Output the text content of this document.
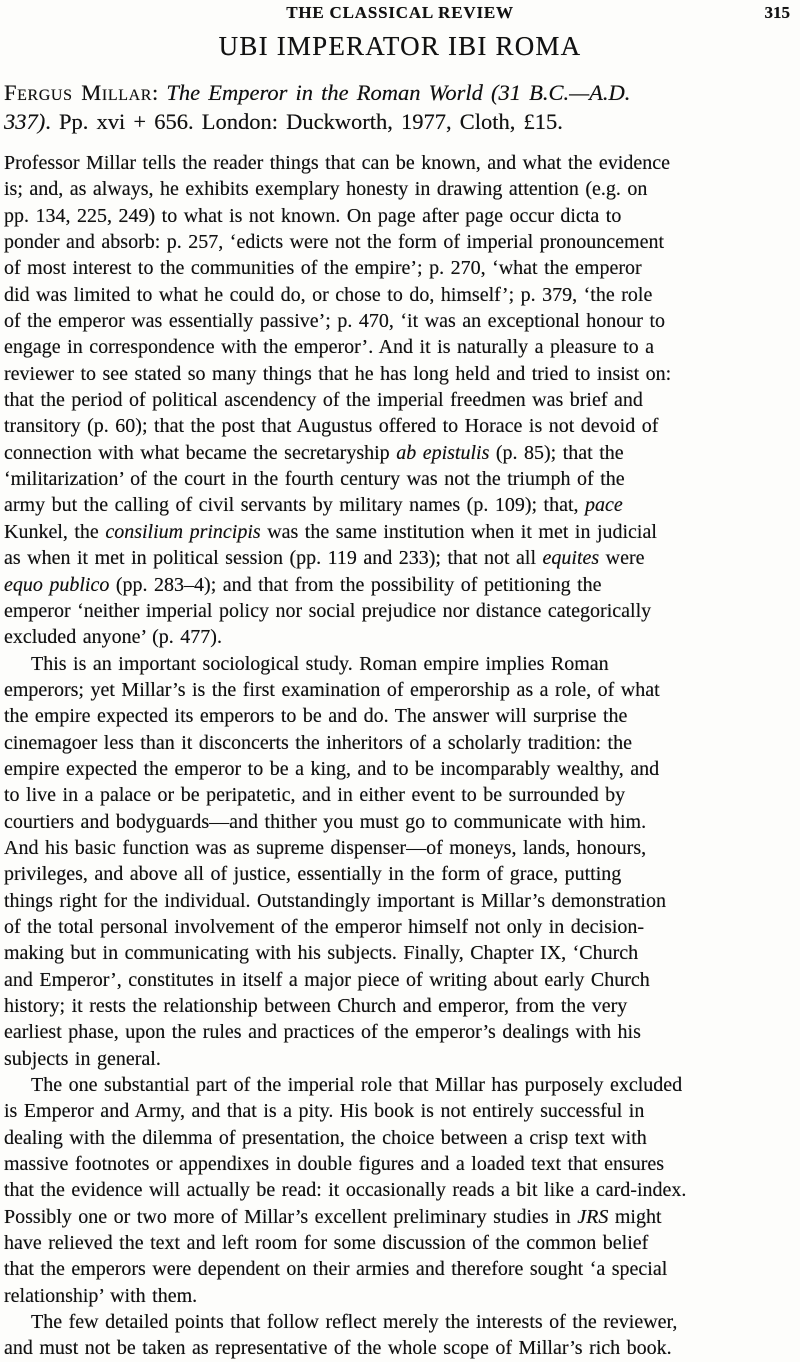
THE CLASSICAL REVIEW	315
UBI IMPERATOR IBI ROMA
Fergus Millar: The Emperor in the Roman World (31 B.C.—A.D.
337). Pp. xvi + 656. London: Duckworth, 1977, Cloth, £15.
Professor Millar tells the reader things that can be known, and what the evidence
is; and, as always, he exhibits exemplary honesty in drawing attention (e.g. on
pp. 134, 225, 249) to what is not known. On page after page occur dicta to
ponder and absorb: p. 257, ‘edicts were not the form of imperial pronouncement
of most interest to the communities of the empire’; p. 270, ‘what the emperor
did was limited to what he could do, or chose to do, himself’; p. 379, ‘the role
of the emperor was essentially passive’; p. 470, ‘it was an exceptional honour to
engage in correspondence with the emperor’. And it is naturally a pleasure to a
reviewer to see stated so many things that he has long held and tried to insist on:
that the period of political ascendency of the imperial freedmen was brief and
transitory (p. 60); that the post that Augustus offered to Horace is not devoid of
connection with what became the secretaryship ab epistulis (p. 85); that the
‘militarization’ of the court in the fourth century was not the triumph of the
army but the calling of civil servants by military names (p. 109); that, pace
Kunkel, the consilium principis was the same institution when it met in judicial
as when it met in political session (pp. 119 and 233); that not all equites were
equo publico (pp. 283–4); and that from the possibility of petitioning the
emperor ‘neither imperial policy nor social prejudice nor distance categorically
excluded anyone’ (p. 477).
This is an important sociological study. Roman empire implies Roman
emperors; yet Millar’s is the first examination of emperorship as a role, of what
the empire expected its emperors to be and do. The answer will surprise the
cinemagoer less than it disconcerts the inheritors of a scholarly tradition: the
empire expected the emperor to be a king, and to be incomparably wealthy, and
to live in a palace or be peripatetic, and in either event to be surrounded by
courtiers and bodyguards—and thither you must go to communicate with him.
And his basic function was as supreme dispenser—of moneys, lands, honours,
privileges, and above all of justice, essentially in the form of grace, putting
things right for the individual. Outstandingly important is Millar’s demonstration
of the total personal involvement of the emperor himself not only in decision-
making but in communicating with his subjects. Finally, Chapter IX, ‘Church
and Emperor’, constitutes in itself a major piece of writing about early Church
history; it rests the relationship between Church and emperor, from the very
earliest phase, upon the rules and practices of the emperor’s dealings with his
subjects in general.
The one substantial part of the imperial role that Millar has purposely excluded
is Emperor and Army, and that is a pity. His book is not entirely successful in
dealing with the dilemma of presentation, the choice between a crisp text with
massive footnotes or appendixes in double figures and a loaded text that ensures
that the evidence will actually be read: it occasionally reads a bit like a card-index.
Possibly one or two more of Millar’s excellent preliminary studies in JRS might
have relieved the text and left room for some discussion of the common belief
that the emperors were dependent on their armies and therefore sought ‘a special
relationship’ with them.
The few detailed points that follow reflect merely the interests of the reviewer,
and must not be taken as representative of the whole scope of Millar’s rich book.
